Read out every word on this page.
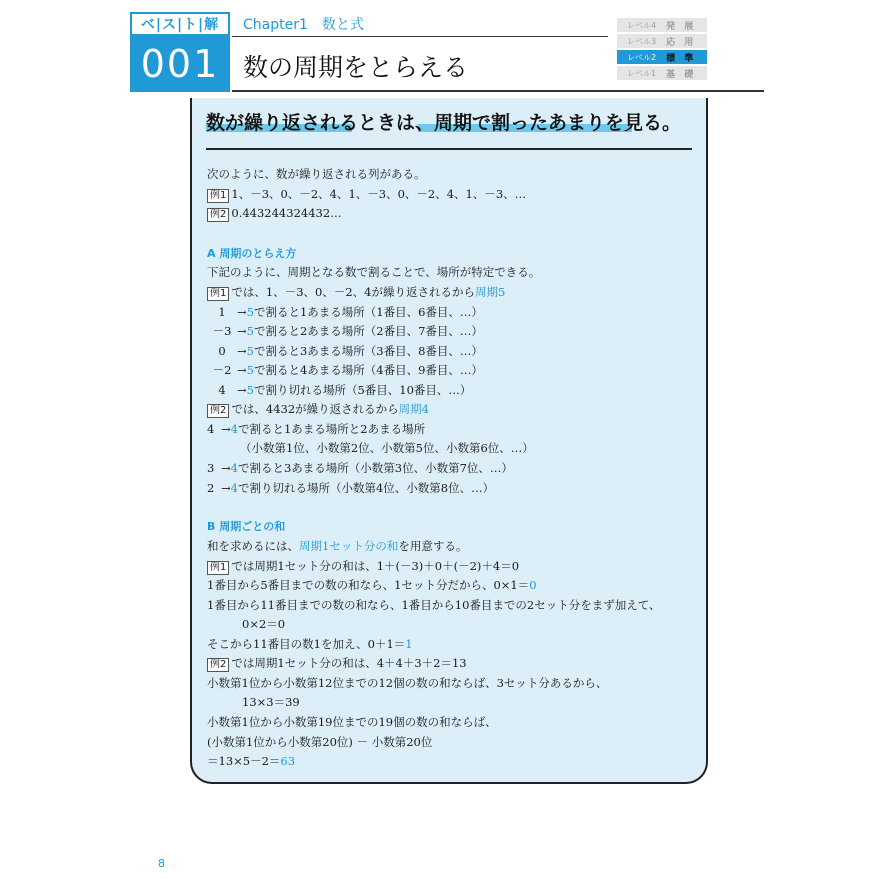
ベ|ス|ト|解
001
Chapter1　数と式
数の周期をとらえる
レベル4 発 展
レベル3 応 用
レベル2 標 準
レベル1 基 礎
数が繰り返されるときは、周期で割ったあまりを見る。
次のように、数が繰り返される列がある。
例1 1、－3、0、－2、4、1、－3、0、－2、4、1、－3、…
例2 0.443244324432…
A 周期のとらえ方
下記のように、周期となる数で割ることで、場所が特定できる。
例1 では、1、－3、0、－2、4が繰り返されるから周期5
1 →5で割ると1あまる場所（1番目、6番目、…）
－3 →5で割ると2あまる場所（2番目、7番目、…）
0 →5で割ると3あまる場所（3番目、8番目、…）
－2 →5で割ると4あまる場所（4番目、9番目、…）
4 →5で割り切れる場所（5番目、10番目、…）
例2 では、4432が繰り返されるから周期4
4 →4で割ると1あまる場所と2あまる場所
（小数第1位、小数第2位、小数第5位、小数第6位、…）
3 →4で割ると3あまる場所（小数第3位、小数第7位、…）
2 →4で割り切れる場所（小数第4位、小数第8位、…）
B 周期ごとの和
和を求めるには、周期1セット分の和を用意する。
例1 では周期1セット分の和は、1＋(－3)＋0＋(－2)＋4＝0
1番目から5番目までの数の和なら、1セット分だから、0×1＝0
1番目から11番目までの数の和なら、1番目から10番目までの2セット分をまず加えて、
0×2＝0
そこから11番目の数1を加え、0＋1＝1
例2 では周期1セット分の和は、4＋4＋3＋2＝13
小数第1位から小数第12位までの12個の数の和ならば、3セット分あるから、
13×3＝39
小数第1位から小数第19位までの19個の数の和ならば、
(小数第1位から小数第20位) － 小数第20位
＝13×5－2＝63
8
